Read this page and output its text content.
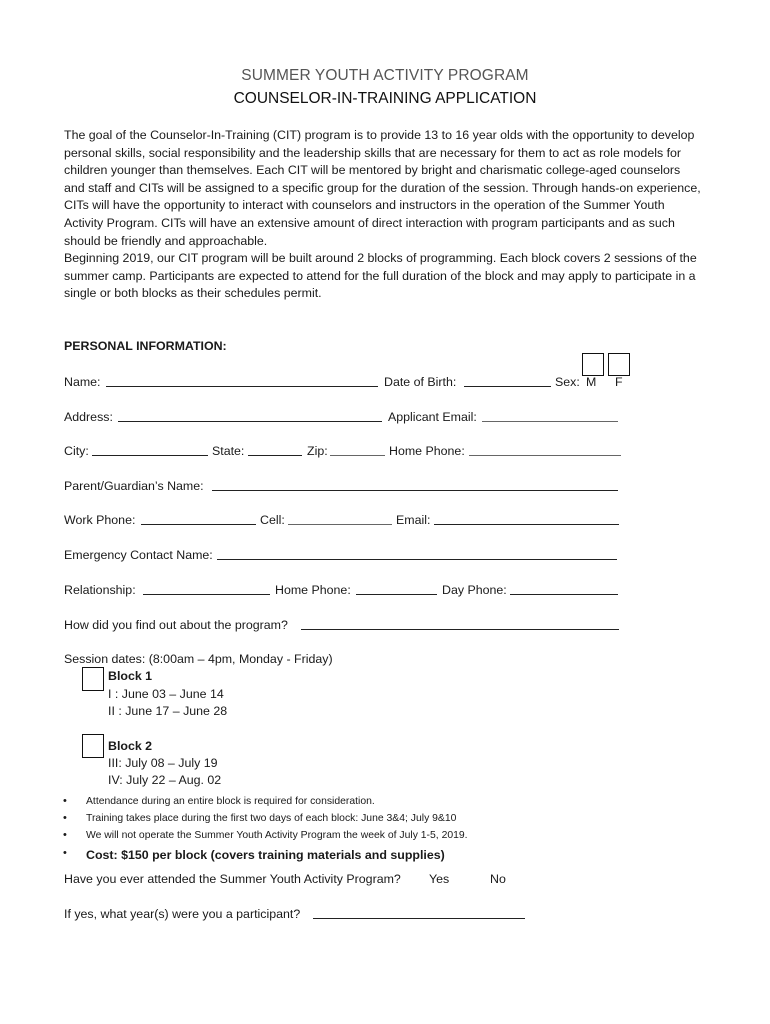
SUMMER YOUTH ACTIVITY PROGRAM
COUNSELOR-IN-TRAINING APPLICATION
The goal of the Counselor-In-Training (CIT) program is to provide 13 to 16 year olds with the opportunity to develop personal skills, social responsibility and the leadership skills that are necessary for them to act as role models for children younger than themselves. Each CIT will be mentored by bright and charismatic college-aged counselors and staff and CITs will be assigned to a specific group for the duration of the session. Through hands-on experience, CITs will have the opportunity to interact with counselors and instructors in the operation of the Summer Youth Activity Program. CITs will have an extensive amount of direct interaction with program participants and as such should be friendly and approachable.
Beginning 2019, our CIT program will be built around 2 blocks of programming. Each block covers 2 sessions of the summer camp. Participants are expected to attend for the full duration of the block and may apply to participate in a single or both blocks as their schedules permit.
PERSONAL INFORMATION:
Name:	Date of Birth:	Sex: M F
Address:	Applicant Email:
City:	State:	Zip:	Home Phone:
Parent/Guardian’s Name:
Work Phone:	Cell:	Email:
Emergency Contact Name:
Relationship:	Home Phone:	Day Phone:
How did you find out about the program?
Session dates: (8:00am – 4pm, Monday - Friday)
Block 1
I : June 03 – June 14
II : June 17 – June 28
Block 2
III: July 08 – July 19
IV: July 22 – Aug. 02
• Attendance during an entire block is required for consideration.
• Training takes place during the first two days of each block: June 3&4; July 9&10
• We will not operate the Summer Youth Activity Program the week of July 1-5, 2019.
• Cost: $150 per block (covers training materials and supplies)
Have you ever attended the Summer Youth Activity Program? Yes	No
If yes, what year(s) were you a participant?
